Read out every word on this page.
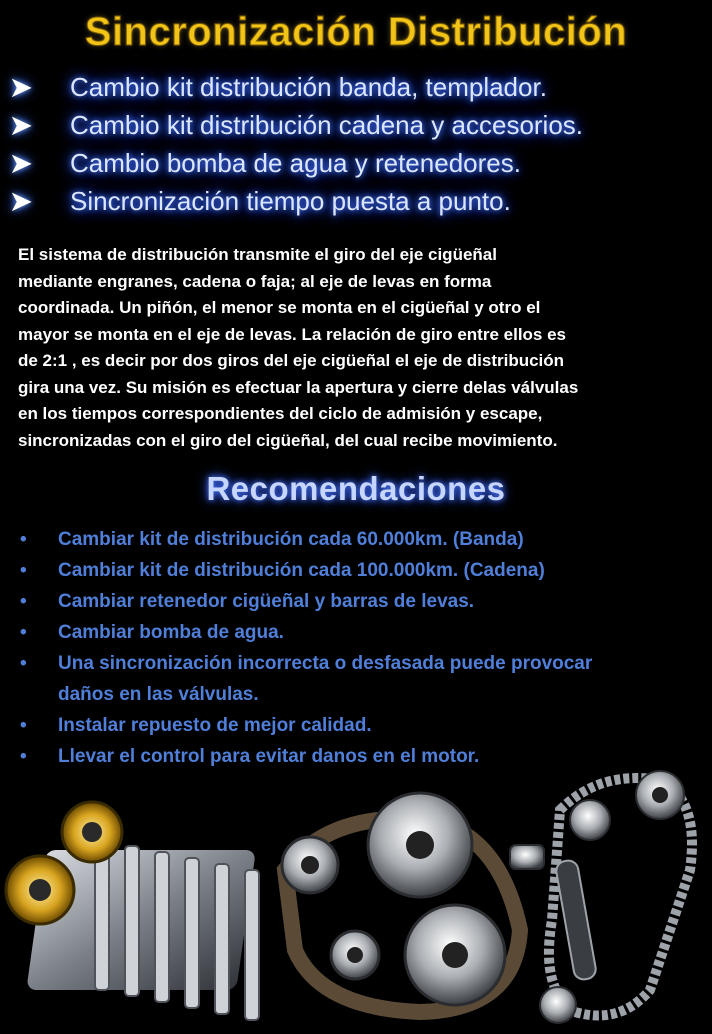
Sincronización Distribución
➤	Cambio kit distribución banda, templador.
➤	Cambio kit distribución cadena y accesorios.
➤	Cambio bomba de agua y retenedores.
➤	Sincronización tiempo puesta a punto.
El sistema de distribución transmite el giro del eje cigüeñal
mediante engranes, cadena o faja; al eje de levas en forma
coordinada. Un piñón, el menor se monta en el cigüeñal y otro el
mayor se monta en el eje de levas. La relación de giro entre ellos es
de 2:1 , es decir por dos giros del eje cigüeñal el eje de distribución
gira una vez. Su misión es efectuar la apertura y cierre delas válvulas
en los tiempos correspondientes del ciclo de admisión y escape,
sincronizadas con el giro del cigüeñal, del cual recibe movimiento.
Recomendaciones
• Cambiar kit de distribución cada 60.000km. (Banda)
• Cambiar kit de distribución cada 100.000km. (Cadena)
• Cambiar retenedor cigüeñal y barras de levas.
• Cambiar bomba de agua.
• Una sincronización incorrecta o desfasada puede provocar
daños en las válvulas.
• Instalar repuesto de mejor calidad.
• Llevar el control para evitar danos en el motor.
